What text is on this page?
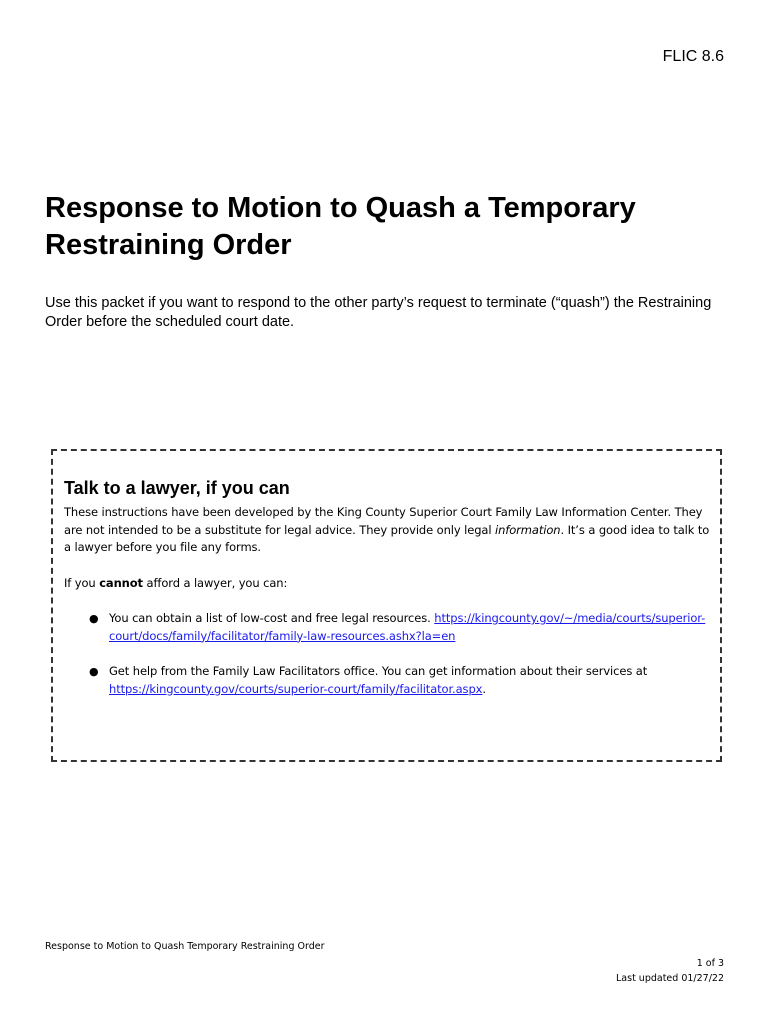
FLIC 8.6
Response to Motion to Quash a Temporary Restraining Order

Use this packet if you want to respond to the other party’s request to terminate (“quash”) the Restraining Order before the scheduled court date.

Talk to a lawyer, if you can

These instructions have been developed by the King County Superior Court Family Law Information Center. They are not intended to be a substitute for legal advice. They provide only legal information. It’s a good idea to talk to a lawyer before you file any forms.

If you cannot afford a lawyer, you can:

● You can obtain a list of low-cost and free legal resources. https://kingcounty.gov/~/media/courts/superior-court/docs/family/facilitator/family-law-resources.ashx?la=en
● Get help from the Family Law Facilitators office. You can get information about their services at https://kingcounty.gov/courts/superior-court/family/facilitator.aspx.
Response to Motion to Quash Temporary Restraining Order
1 of 3
Last updated 01/27/22
